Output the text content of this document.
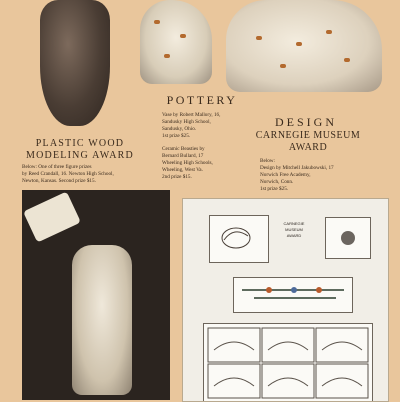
PLASTIC WOOD
MODELING AWARD
Below: One of three figure prizes
by Reed Crandall, 16. Newton High School,
Newton, Kansas. Second prize $15.
POTTERY
Vase by Robert Mallory, 16,
Sandusky High School,
Sandusky, Ohio.
1st prize $25.
Ceramic Beasties by
Bernard Bullard, 17
Wheeling High Schools,
Wheeling, West Va.
2nd prize $15.
DESIGN
CARNEGIE MUSEUM
AWARD
Below:
Design by Mitchell Jakubowski, 17
Norwich Free Academy,
Norwich, Conn.
1st prize $25.
CARNEGIE
MUSEUM
AWARD
